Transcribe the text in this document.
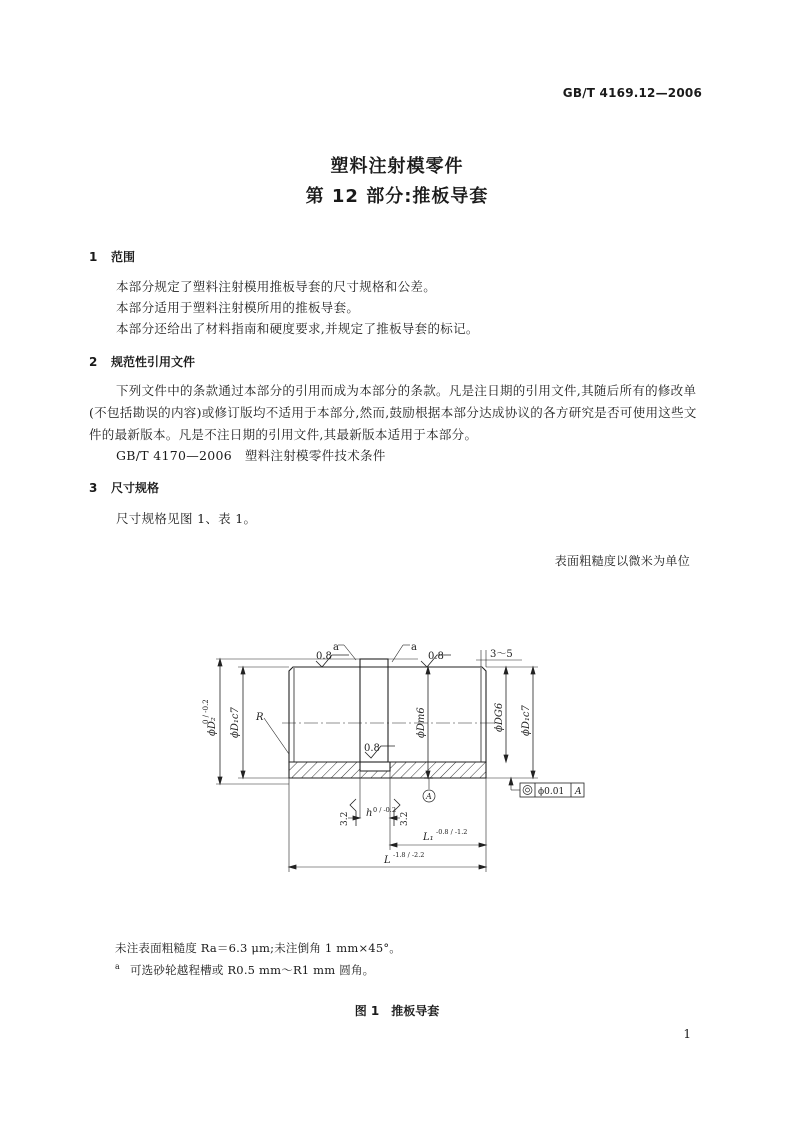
GB/T 4169.12—2006
塑料注射模零件
第 12 部分:推板导套
1 范围
本部分规定了塑料注射模用推板导套的尺寸规格和公差。
本部分适用于塑料注射模所用的推板导套。
本部分还给出了材料指南和硬度要求,并规定了推板导套的标记。
2 规范性引用文件
下列文件中的条款通过本部分的引用而成为本部分的条款。凡是注日期的引用文件,其随后所有的修改单(不包括勘误的内容)或修订版均不适用于本部分,然而,鼓励根据本部分达成协议的各方研究是否可使用这些文件的最新版本。凡是不注日期的引用文件,其最新版本适用于本部分。
GB/T 4170—2006　塑料注射模零件技术条件
3 尺寸规格
尺寸规格见图 1、表 1。
表面粗糙度以微米为单位
a	a
0.8	0.8
0.8
3～5
R
ϕD₂
0 / -0.2 ϕD₁c7	ϕDm6	ϕDG6 ϕD₁c7
A	ϕ0.01 A
3.2	3.2
h 0 / -0.2
L₁ -0.8 / -1.2
L -1.8 / -2.2
未注表面粗糙度 Ra＝6.3 μm;未注倒角 1 mm×45°。
$^a$ 可选砂轮越程槽或 R0.5 mm～R1 mm 圆角。
图 1　推板导套
1
